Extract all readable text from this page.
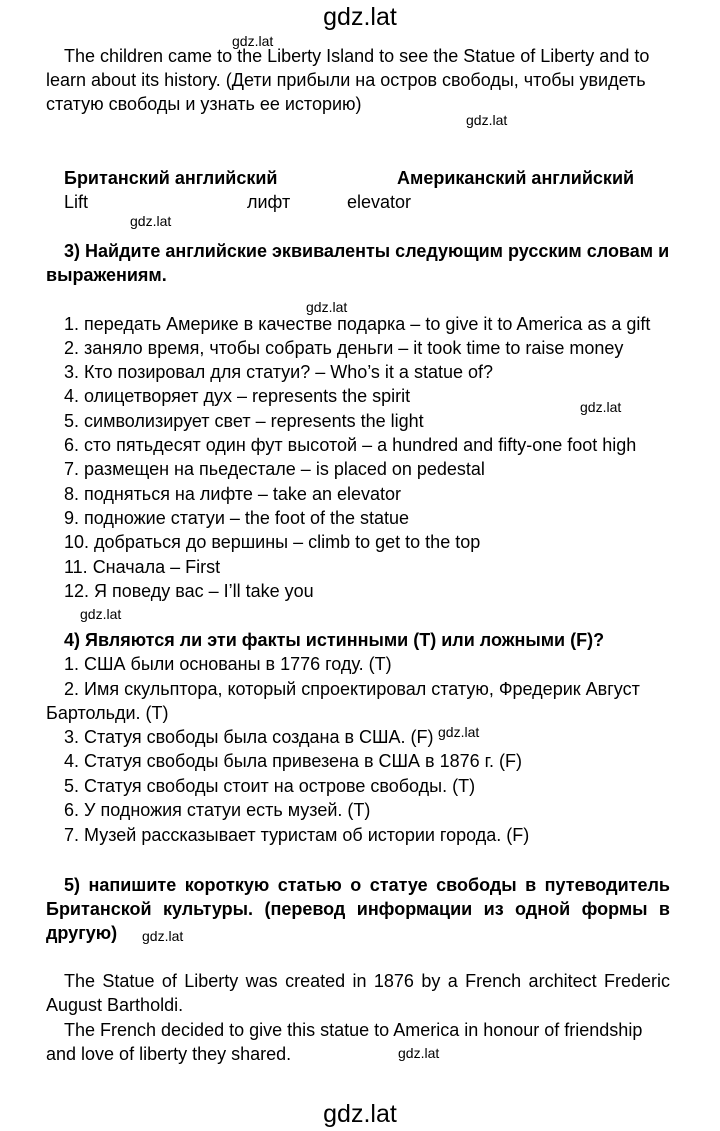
gdz.lat
gdz.lat
The children came to the Liberty Island to see the Statue of Liberty and to
learn about its history. (Дети прибыли на остров свободы, чтобы увидеть
статую свободы и узнать ее историю)
gdz.lat
Британский английский	Американский английский
Lift	лифт	elevator
gdz.lat
3) Найдите английские эквиваленты следующим русским словам и
выражениям.
gdz.lat
1. передать Америке в качестве подарка – to give it to America as a gift
2. заняло время, чтобы собрать деньги – it took time to raise money
3. Кто позировал для статуи? – Who’s it a statue of?
4. олицетворяет дух – represents the spirit
5. символизирует свет – represents the light
gdz.lat
6. сто пятьдесят один фут высотой – a hundred and fifty-one foot high
7. размещен на пьедестале – is placed on pedestal
8. подняться на лифте – take an elevator
9. подножие статуи – the foot of the statue
10. добраться до вершины – climb to get to the top
11. Сначала – First
12. Я поведу вас – I’ll take you
gdz.lat
4) Являются ли эти факты истинными (T) или ложными (F)?
1. США были основаны в 1776 году. (T)
2. Имя скульптора, который спроектировал статую, Фредерик Август
Бартольди. (T)
3. Статуя свободы была создана в США. (F) gdz.lat
4. Статуя свободы была привезена в США в 1876 г. (F)
5. Статуя свободы стоит на острове свободы. (T)
6. У подножия статуи есть музей. (T)
7. Музей рассказывает туристам об истории города. (F)
5) напишите короткую статью о статуе свободы в путеводитель
Британской культуры. (перевод информации из одной формы в
другую) gdz.lat
The Statue of Liberty was created in 1876 by a French architect Frederic
August Bartholdi.
The French decided to give this statue to America in honour of friendship
and love of liberty they shared.	gdz.lat
gdz.lat
